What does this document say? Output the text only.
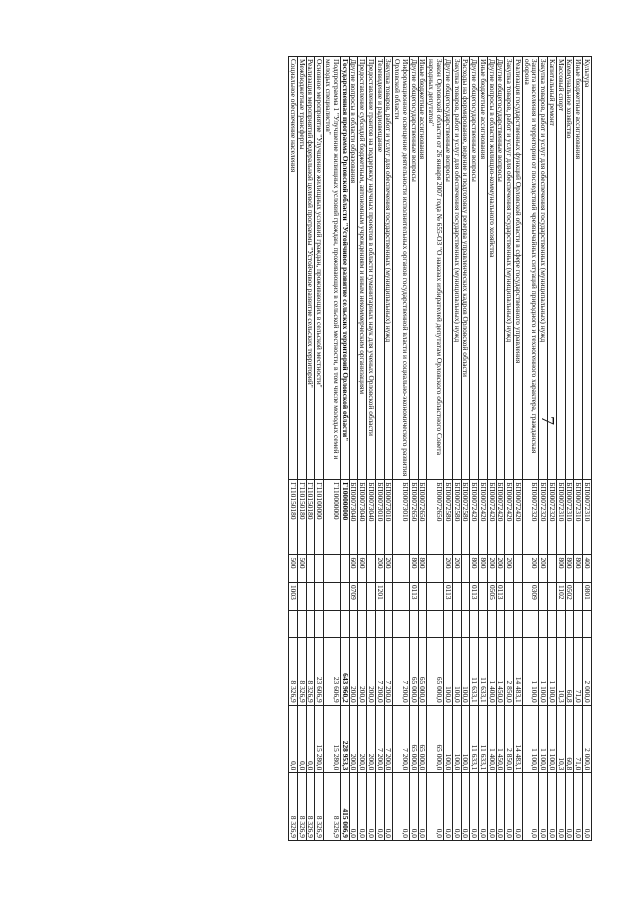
7
Культура	БП00072310	400	0801		2 000,0	2 000,0	0,0
Иные бюджетные ассигнования	БП00072310	800			71,0	71,0	0,0
Коммунальное хозяйство	БП00072310	800	0502		60,8	60,8	0,0
Массовый спорт	БП00072310	800	1102		10,3	10,3	0,0
Капитальный ремонт	БП00072320				1 100,0	1 100,0	0,0
Закупка товаров, работ и услуг для обеспечения государственных (муниципальных) нужд	БП00072320	200			1 100,0	1 100,0	0,0
Защита населения и территории от последствий чрезвычайных ситуаций природного и техногенного характера, гражданская оборона	БП00072320	200	0309		1 100,0	1 100,0	0,0
Реализация государственных функций Орловской области в сфере государственного управления	БП00072420				14 483,1	14 483,1	0,0
Закупка товаров, работ и услуг для обеспечения государственных (муниципальных) нужд	БП00072420	200			2 850,0	2 850,0	0,0
Другие общегосударственные вопросы	БП00072420	200	0113		1 450,0	1 450,0	0,0
Другие вопросы в области жилищно-коммунального хозяйства	БП00072420	200	0505		1 400,0	1 400,0	0,0
Иные бюджетные ассигнования	БП00072420	800			11 633,1	11 633,1	0,0
Другие общегосударственные вопросы	БП00072420	800	0113		11 633,1	11 633,1	0,0
Расходы на формирование, ведение и подготовку резерва управленческих кадров Орловской области	БП00072580				100,0	100,0	0,0
Закупка товаров, работ и услуг для обеспечения государственных (муниципальных) нужд	БП00072580	200			100,0	100,0	0,0
Другие общегосударственные вопросы	БП00072580	200	0113		100,0	100,0	0,0
Закон Орловской области от 26 января 2007 года № 655-ОЗ "О наказах избирателей депутатам Орловского областного Совета народных депутатов"	БП00072650				65 000,0	65 000,0	0,0
Иные бюджетные ассигнования	БП00072650	800			65 000,0	65 000,0	0,0
Другие общегосударственные вопросы	БП00072650	800	0113		65 000,0	65 000,0	0,0
Информационное освещение деятельности исполнительных органов государственной власти и социально-экономического развития Орловской области	БП00073010				7 200,0	7 200,0	0,0
Закупка товаров, работ и услуг для обеспечения государственных (муниципальных) нужд	БП00073010	200			7 200,0	7 200,0	0,0
Телевидение и радиовещание	БП00073010	200	1201		7 200,0	7 200,0	0,0
Предоставление грантов на поддержку научных проектов в области гуманитарных наук для ученых Орловской области	БП00073040				200,0	200,0	0,0
Предоставление субсидий бюджетным, автономным учреждениям и иным некоммерческим организациям	БП00073040	600			200,0	200,0	0,0
Другие вопросы в области образования	БП00073040	600	0709		200,0	200,0	0,0
Государственная программа Орловской области "Устойчивое развитие сельских территорий Орловской области"	Г100000000				643 960,2	228 953,3	415 006,9
Подпрограмма 1 "Улучшение жилищных условий граждан, проживающих в сельской местности, в том числе молодых семей и молодых специалистов"	Г110000000				23 606,9	15 280,0	8 326,9
Основное мероприятие "Улучшение жилищных условий граждан, проживающих в сельской местности"	Г110100000				23 606,9	15 280,0	8 326,9
Реализация мероприятий федеральной целевой программы "Устойчивое развитие сельских территорий"	Г110150180				8 326,9	0,0	8 326,9
Межбюджетные трансферты	Г110150180	500			8 326,9	0,0	8 326,9
Социальное обеспечение населения	Г110150180	500	1003		8 326,9	0,0	8 326,9
